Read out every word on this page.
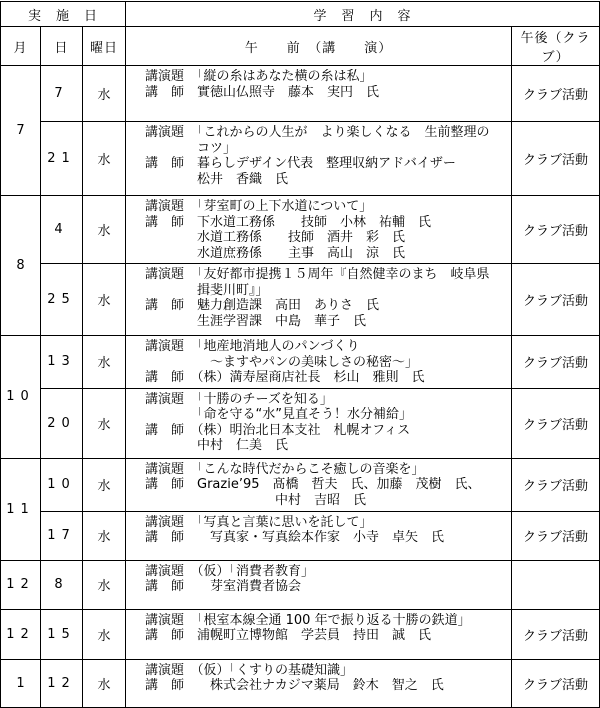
実　施　日			学　習　内　容	
月	日	曜日	午　　前　（講　　演）	午後（クラブ）
7	7	水	講演題　「縦の糸はあなた横の糸は私」
講　師　實徳山仏照寺　藤本　実円　氏	クラブ活動
	21	水	講演題　「これからの人生が　より楽しくなる　生前整理の
　　　　コツ」
講　師　暮らしデザイン代表　整理収納アドバイザー
　　　　松井　香織　氏	クラブ活動
8	4	水	講演題　「芽室町の上下水道について」
講　師　下水道工務係　　技師　小林　祐輔　氏
　　　　水道工務係　　技師　酒井　彩　氏
　　　　水道庶務係　　主事　高山　涼　氏	クラブ活動
	25	水	講演題　「友好都市提携１５周年『自然健幸のまち　岐阜県
　　　　揖斐川町』」
講　師　魅力創造課　高田　ありさ　氏
　　　　生涯学習課　中島　華子　氏	クラブ活動
10	13	水	講演題　「地産地消地人のパンづくり
　　　　　～ますやパンの美味しさの秘密～」
講　師　（株）満寿屋商店社長　杉山　雅則　氏	クラブ活動
	20	水	講演題　「十勝のチーズを知る」
　　　　「命を守る“水”見直そう！水分補給」
講　師　（株）明治北日本支社　札幌オフィス
　　　　中村　仁美　氏	クラブ活動
11	10	水	講演題　「こんな時代だからこそ癒しの音楽を」
講　師　Grazie’95　髙橋　哲夫　氏、加藤　茂樹　氏、
　　　　　　　　　　中村　吉昭　氏	クラブ活動
	17	水	講演題　「写真と言葉に思いを託して」
講　師　　写真家・写真絵本作家　小寺　卓矢　氏	クラブ活動
12	8	水	講演題　（仮）「消費者教育」
講　師　　芽室消費者協会	

12	15	水	講演題　「根室本線全通 100 年で振り返る十勝の鉄道」
講　師　浦幌町立博物館　学芸員　持田　誠　氏	クラブ活動
1	12	水	講演題　（仮）「くすりの基礎知識」
講　師　　株式会社ナカジマ薬局　鈴木　智之　氏	クラブ活動
